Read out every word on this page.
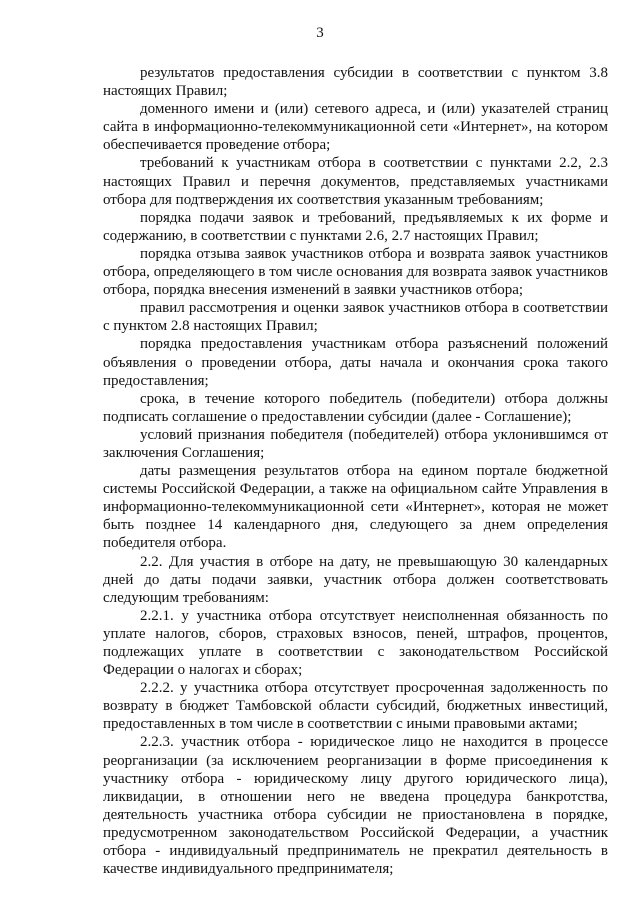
3

результатов предоставления субсидии в соответствии с пунктом 3.8 настоящих Правил;

доменного имени и (или) сетевого адреса, и (или) указателей страниц сайта в информационно-телекоммуникационной сети «Интернет», на котором обеспечивается проведение отбора;

требований к участникам отбора в соответствии с пунктами 2.2, 2.3 настоящих Правил и перечня документов, представляемых участниками отбора для подтверждения их соответствия указанным требованиям;

порядка подачи заявок и требований, предъявляемых к их форме и содержанию, в соответствии с пунктами 2.6, 2.7 настоящих Правил;

порядка отзыва заявок участников отбора и возврата заявок участников отбора, определяющего в том числе основания для возврата заявок участников отбора, порядка внесения изменений в заявки участников отбора;

правил рассмотрения и оценки заявок участников отбора в соответствии с пунктом 2.8 настоящих Правил;

порядка предоставления участникам отбора разъяснений положений объявления о проведении отбора, даты начала и окончания срока такого предоставления;

срока, в течение которого победитель (победители) отбора должны подписать соглашение о предоставлении субсидии (далее - Соглашение);

условий признания победителя (победителей) отбора уклонившимся от заключения Соглашения;

даты размещения результатов отбора на едином портале бюджетной системы Российской Федерации, а также на официальном сайте Управления в информационно-телекоммуникационной сети «Интернет», которая не может быть позднее 14 календарного дня, следующего за днем определения победителя отбора.

2.2. Для участия в отборе на дату, не превышающую 30 календарных дней до даты подачи заявки, участник отбора должен соответствовать следующим требованиям:

2.2.1. у участника отбора отсутствует неисполненная обязанность по уплате налогов, сборов, страховых взносов, пеней, штрафов, процентов, подлежащих уплате в соответствии с законодательством Российской Федерации о налогах и сборах;

2.2.2. у участника отбора отсутствует просроченная задолженность по возврату в бюджет Тамбовской области субсидий, бюджетных инвестиций, предоставленных в том числе в соответствии с иными правовыми актами;

2.2.3. участник отбора - юридическое лицо не находится в процессе реорганизации (за исключением реорганизации в форме присоединения к участнику отбора - юридическому лицу другого юридического лица), ликвидации, в отношении него не введена процедура банкротства, деятельность участника отбора субсидии не приостановлена в порядке, предусмотренном законодательством Российской Федерации, а участник отбора - индивидуальный предприниматель не прекратил деятельность в качестве индивидуального предпринимателя;
